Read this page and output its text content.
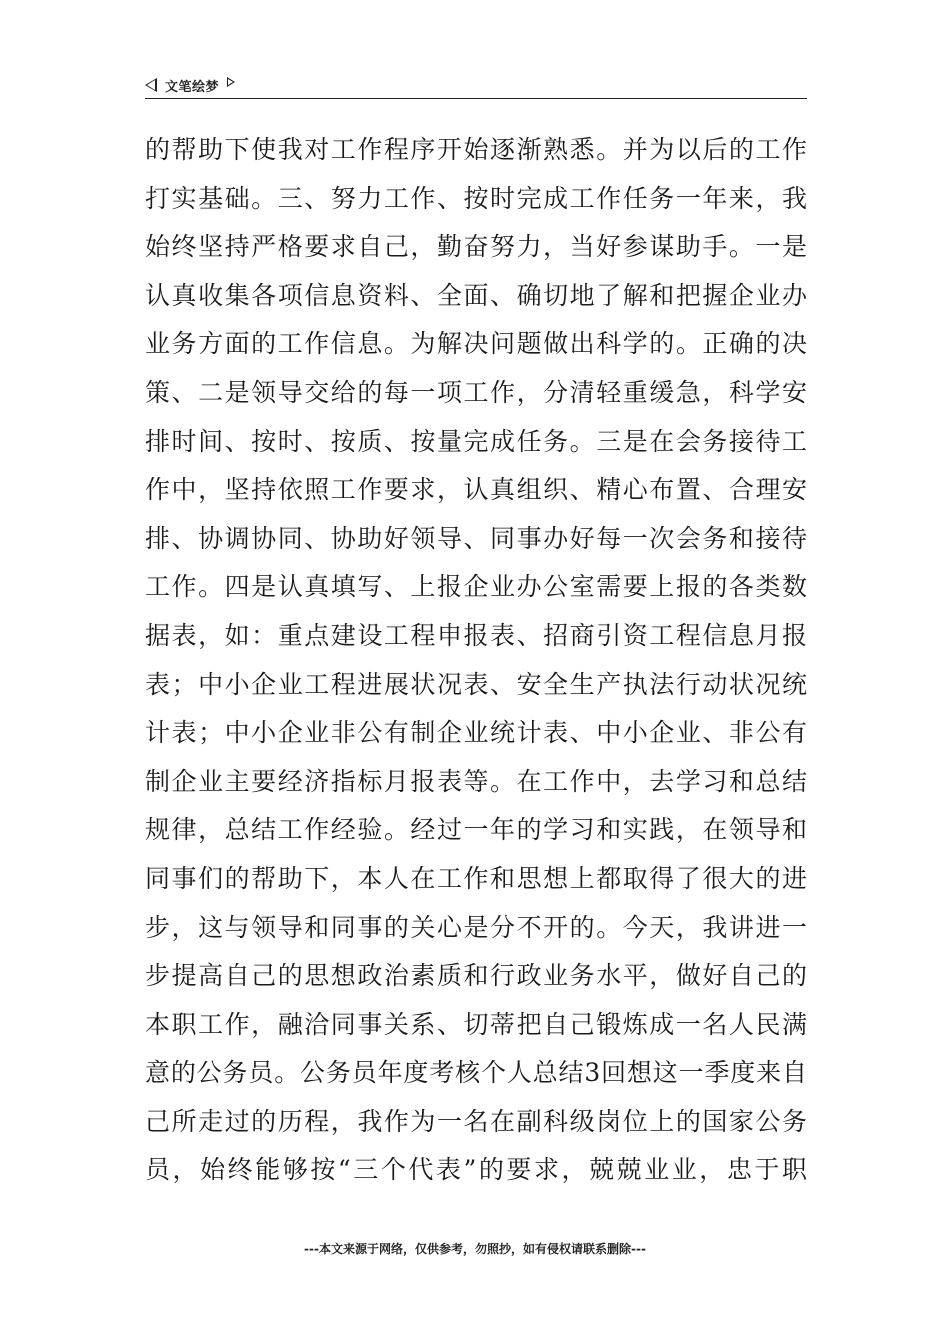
文笔绘梦
的帮助下使我对工作程序开始逐渐熟悉。并为以后的工作
打实基础。三、努力工作、按时完成工作任务一年来，我
始终坚持严格要求自己，勤奋努力，当好参谋助手。一是
认真收集各项信息资料、全面、确切地了解和把握企业办
业务方面的工作信息。为解决问题做出科学的。正确的决
策、二是领导交给的每一项工作，分清轻重缓急，科学安
排时间、按时、按质、按量完成任务。三是在会务接待工
作中，坚持依照工作要求，认真组织、精心布置、合理安
排、协调协同、协助好领导、同事办好每一次会务和接待
工作。四是认真填写、上报企业办公室需要上报的各类数
据表，如：重点建设工程申报表、招商引资工程信息月报
表；中小企业工程进展状况表、安全生产执法行动状况统
计表；中小企业非公有制企业统计表、中小企业、非公有
制企业主要经济指标月报表等。在工作中，去学习和总结
规律，总结工作经验。经过一年的学习和实践，在领导和
同事们的帮助下，本人在工作和思想上都取得了很大的进
步，这与领导和同事的关心是分不开的。今天，我讲进一
步提高自己的思想政治素质和行政业务水平，做好自己的
本职工作，融洽同事关系、切蒂把自己锻炼成一名人民满
意的公务员。公务员年度考核个人总结3回想这一季度来自
己所走过的历程，我作为一名在副科级岗位上的国家公务
员，始终能够按“三个代表”的要求，兢兢业业，忠于职
---本文来源于网络，仅供参考，勿照抄，如有侵权请联系删除---
